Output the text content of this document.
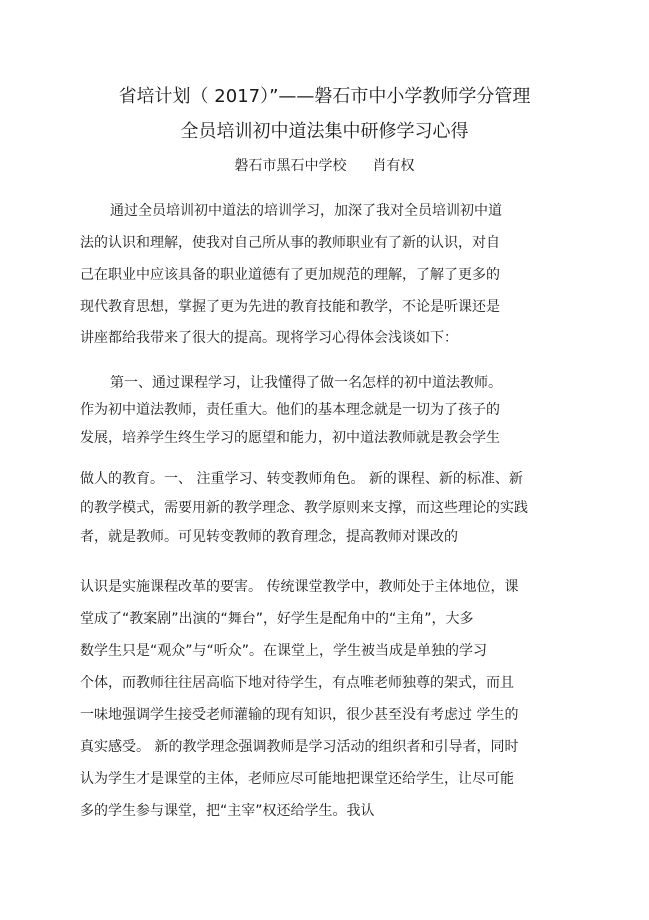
省培计划（ 2017）”——磐石市中小学教师学分管理
全员培训初中道法集中研修学习心得
磐石市黑石中学校 肖有权
通过全员培训初中道法的培训学习，加深了我对全员培训初中道
法的认识和理解，使我对自己所从事的教师职业有了新的认识，对自
己在职业中应该具备的职业道德有了更加规范的理解，了解了更多的
现代教育思想，掌握了更为先进的教育技能和教学，不论是听课还是
讲座都给我带来了很大的提高。现将学习心得体会浅谈如下：
第一、通过课程学习，让我懂得了做一名怎样的初中道法教师。
作为初中道法教师，责任重大。他们的基本理念就是一切为了孩子的
发展，培养学生终生学习的愿望和能力，初中道法教师就是教会学生
做人的教育。一、 注重学习、转变教师角色。 新的课程、新的标准、新
的教学模式，需要用新的教学理念、教学原则来支撑，而这些理论的实践
者，就是教师。可见转变教师的教育理念，提高教师对课改的
认识是实施课程改革的要害。 传统课堂教学中，教师处于主体地位，课
堂成了“教案剧”出演的“舞台”，好学生是配角中的“主角”，大多
数学生只是“观众”与“听众”。在课堂上，学生被当成是单独的学习
个体，而教师往往居高临下地对待学生，有点唯老师独尊的架式，而且
一味地强调学生接受老师灌输的现有知识，很少甚至没有考虑过 学生的
真实感受。 新的教学理念强调教师是学习活动的组织者和引导者，同时
认为学生才是课堂的主体，老师应尽可能地把课堂还给学生，让尽可能
多的学生参与课堂，把“主宰”权还给学生。我认
